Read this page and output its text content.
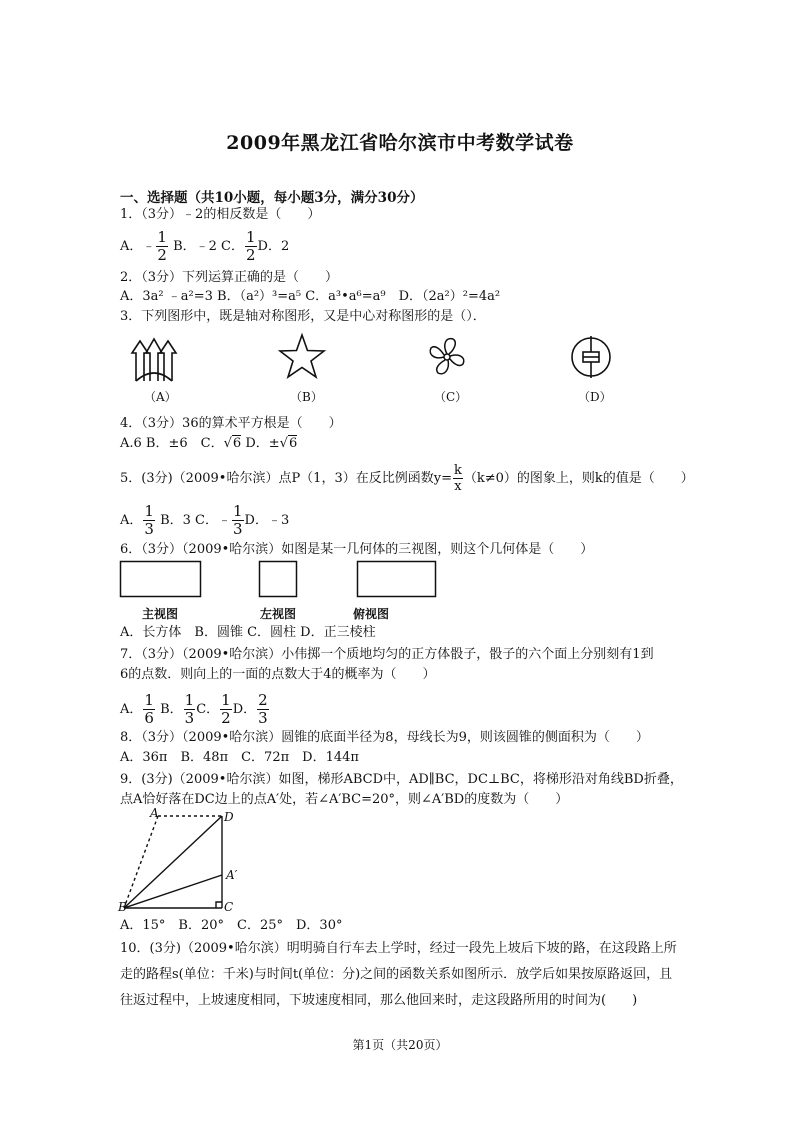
2009年黑龙江省哈尔滨市中考数学试卷
一、选择题（共10小题，每小题3分，满分30分）
1．（3分）﹣2的相反数是（　　）
A．﹣ $\frac{1}{2}$ B．﹣2 C． $\frac{1}{2}$ D．2
2．（3分）下列运算正确的是（　　）
A．3a² ﹣a²=3 B．（a²）³=a⁵ C．a³•a⁶=a⁹　D．（2a²）²=4a²
3．下列图形中，既是轴对称图形，又是中心对称图形的是（）．
（A）	（B）	（C）	（D）
4．（3分）36的算术平方根是（　　）
A.6 B．±6　C．√6 D．±√6
5．(3分)（2009•哈尔滨）点P（1，3）在反比例函数$y= \frac{k}{x} (k\ne 0)$的图象上，则k的值是（　　）
A． $\frac{1}{3}$ B．3 C．﹣ $\frac{1}{3}$ D．﹣3
6．（3分）（2009•哈尔滨）如图是某一几何体的三视图，则这个几何体是（　　）
主视图	左视图	俯视图
A．长方体　B．圆锥 C．圆柱 D．正三棱柱
7．（3分）（2009•哈尔滨）小伟掷一个质地均匀的正方体骰子，骰子的六个面上分别刻有1到
6的点数．则向上的一面的点数大于4的概率为（　　）
A． $\frac{1}{6}$ B． $\frac{1}{3}$ C． $\frac{1}{2}$ D． $\frac{2}{3}$
8．（3分）（2009•哈尔滨）圆锥的底面半径为8，母线长为9，则该圆锥的侧面积为（　　）
A．36π　B．48π　C．72π　D．144π
9．(3分)（2009•哈尔滨）如图，梯形ABCD中，AD∥BC，DC⊥BC，将梯形沿对角线BD折叠，
点A恰好落在DC边上的点A′处，若∠A′BC=20°，则∠A′BD的度数为（　　）
A	D
A′
B	C
A．15°　B．20°　C．25°　D．30°
10．(3分)（2009•哈尔滨）明明骑自行车去上学时，经过一段先上坡后下坡的路，在这段路上所走的路程s(单位：千米)与时间t(单位：分)之间的函数关系如图所示．放学后如果按原路返回，且往返过程中，上坡速度相同，下坡速度相同，那么他回来时，走这段路所用的时间为(　　)
第1页（共20页）
